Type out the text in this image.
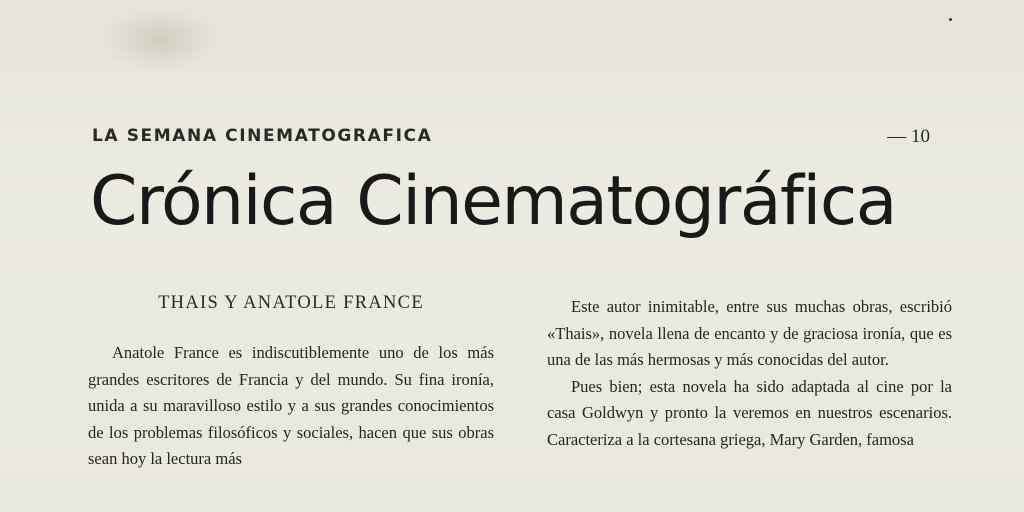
LA SEMANA CINEMATOGRAFICA	— 10
Crónica Cinematográfica
THAIS Y ANATOLE FRANCE

Anatole France es indiscutiblemente uno de los más grandes escritores de Francia y del mundo. Su fina ironía, unida a su maravilloso estilo y a sus grandes conocimientos de los problemas filosóficos y sociales, hacen que sus obras sean hoy la lectura más

Este autor inimitable, entre sus muchas obras, escribió «Thais», novela llena de encanto y de graciosa ironía, que es una de las más hermosas y más conocidas del autor.

Pues bien; esta novela ha sido adaptada al cine por la casa Goldwyn y pronto la veremos en nuestros escenarios. Caracteriza a la cortesana griega, Mary Garden, famosa
